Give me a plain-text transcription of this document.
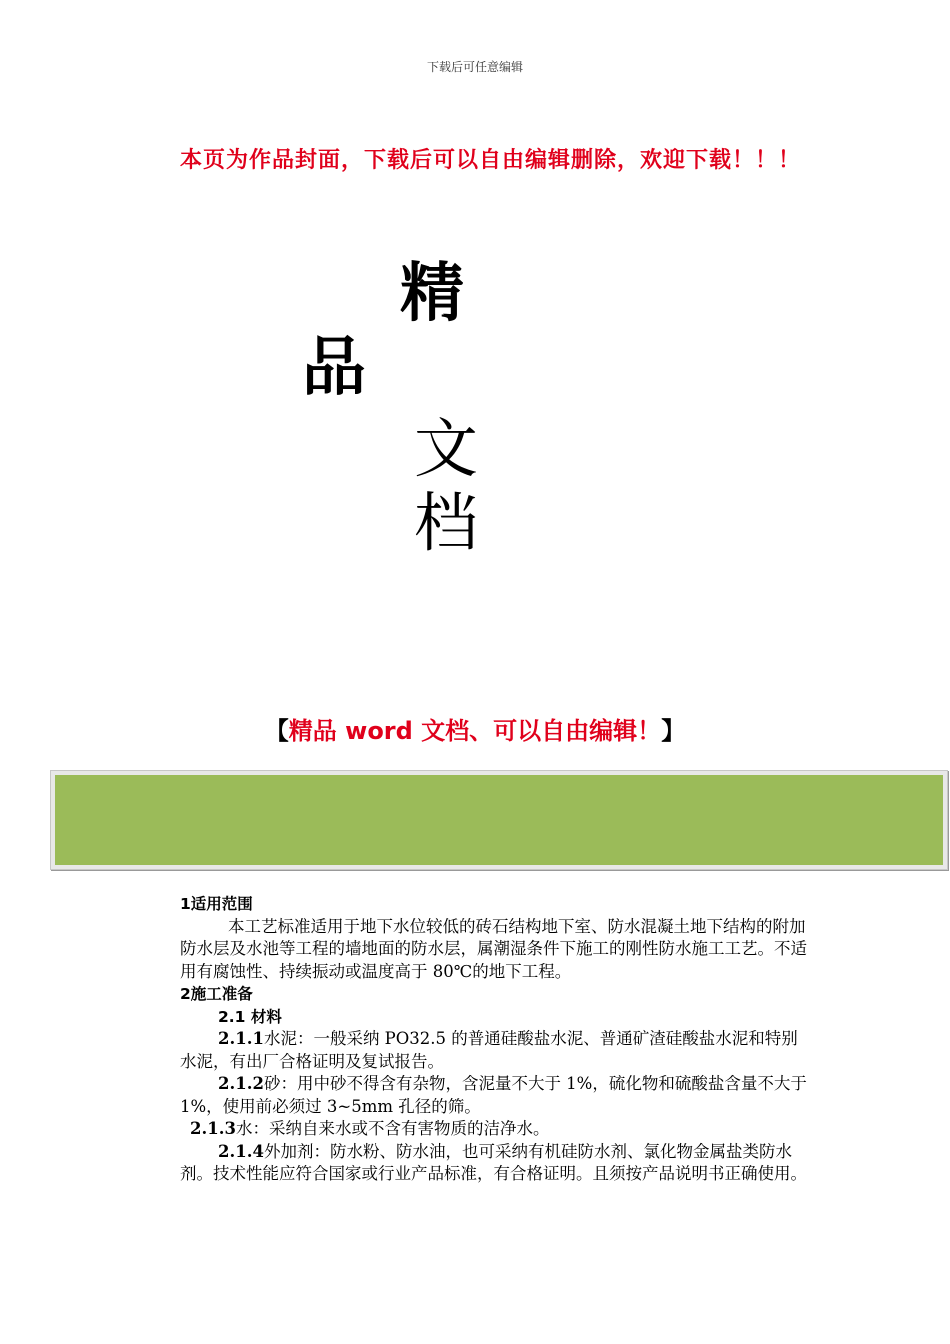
下载后可任意编辑
本页为作品封面，下载后可以自由编辑删除，欢迎下载！！！
精
品
文
档
【精品 word 文档、可以自由编辑！】

1适用范围

本工艺标准适用于地下水位较低的砖石结构地下室、防水混凝土地下结构的附加防水层及水池等工程的墙地面的防水层，属潮湿条件下施工的刚性防水施工工艺。不适用有腐蚀性、持续振动或温度高于 80℃的地下工程。

2施工准备

2.1 材料

2.1.1水泥：一般采纳 PO32.5 的普通硅酸盐水泥、普通矿渣硅酸盐水泥和特别水泥，有出厂合格证明及复试报告。

2.1.2砂：用中砂不得含有杂物，含泥量不大于 1%，硫化物和硫酸盐含量不大于 1%，使用前必须过 3~5mm 孔径的筛。

2.1.3水：采纳自来水或不含有害物质的洁净水。

2.1.4外加剂：防水粉、防水油，也可采纳有机硅防水剂、氯化物金属盐类防水剂。技术性能应符合国家或行业产品标准，有合格证明。且须按产品说明书正确使用。
